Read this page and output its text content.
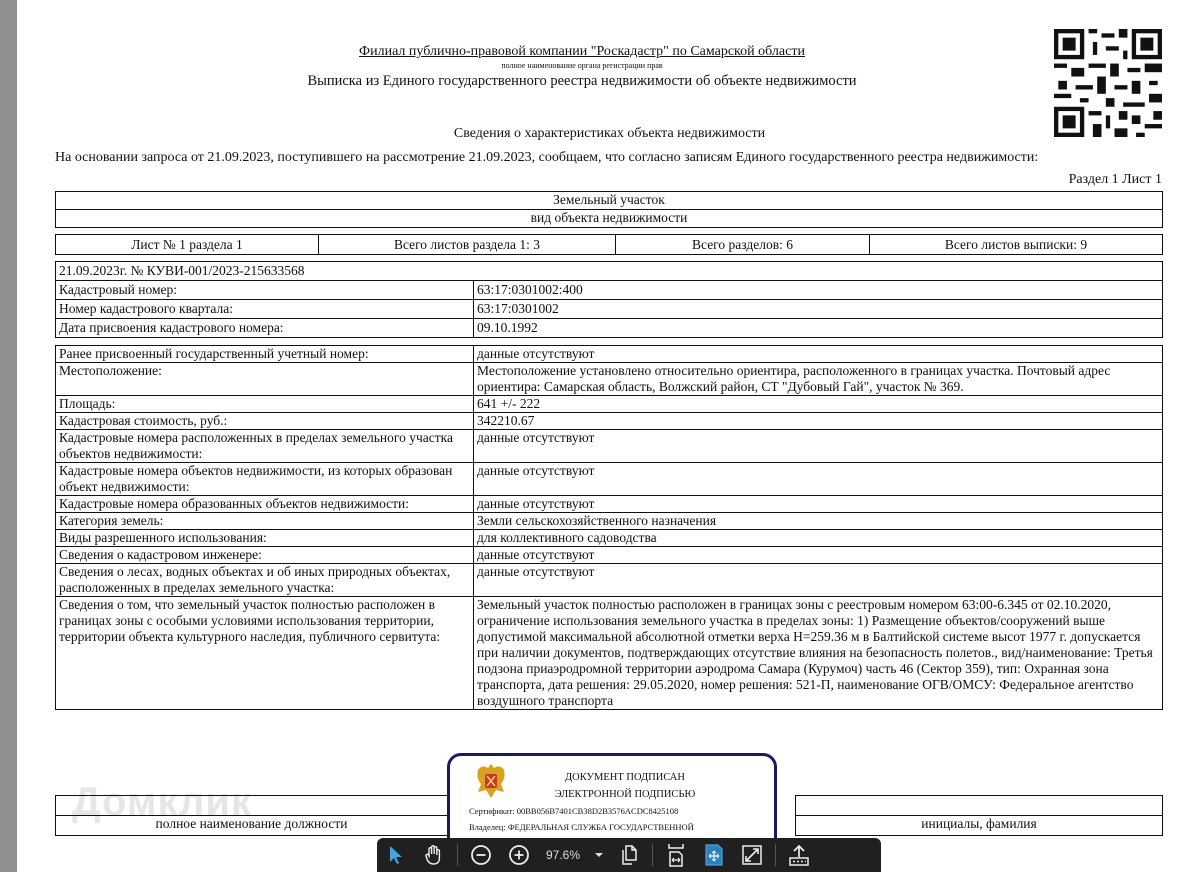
Филиал публично-правовой компании "Роскадастр" по Самарской области
полное наименование органа регистрации прав
Выписка из Единого государственного реестра недвижимости об объекте недвижимости
Сведения о характеристиках объекта недвижимости
На основании запроса от 21.09.2023, поступившего на рассмотрение 21.09.2023, сообщаем, что согласно записям Единого государственного реестра недвижимости:
Раздел 1 Лист 1
Земельный участок
вид объекта недвижимости
Лист № 1 раздела 1	Всего листов раздела 1: 3	Всего разделов: 6	Всего листов выписки: 9
21.09.2023г. № КУВИ-001/2023-215633568	
Кадастровый номер:	63:17:0301002:400
Номер кадастрового квартала:	63:17:0301002
Дата присвоения кадастрового номера:	09.10.1992
Ранее присвоенный государственный учетный номер:	данные отсутствуют
Местоположение:	Местоположение установлено относительно ориентира, расположенного в границах участка. Почтовый адрес ориентира: Самарская область, Волжский район, СТ "Дубовый Гай", участок № 369.
Площадь:	641 +/- 222
Кадастровая стоимость, руб.:	342210.67
Кадастровые номера расположенных в пределах земельного участка объектов недвижимости:	данные отсутствуют
Кадастровые номера объектов недвижимости, из которых образован объект недвижимости:	данные отсутствуют
Кадастровые номера образованных объектов недвижимости:	данные отсутствуют
Категория земель:	Земли сельскохозяйственного назначения
Виды разрешенного использования:	для коллективного садоводства
Сведения о кадастровом инженере:	данные отсутствуют
Сведения о лесах, водных объектах и об иных природных объектах, расположенных в пределах земельного участка:	данные отсутствуют
Сведения о том, что земельный участок полностью расположен в границах зоны с особыми условиями использования территории, территории объекта культурного наследия, публичного сервитута:	Земельный участок полностью расположен в границах зоны с реестровым номером 63:00-6.345 от 02.10.2020, ограничение использования земельного участка в пределах зоны: 1) Размещение объектов/сооружений выше допустимой максимальной абсолютной отметки верха H=259.36 м в Балтийской системе высот 1977 г. допускается при наличии документов, подтверждающих отсутствие влияния на безопасность полетов., вид/наименование: Третья подзона приаэродромной территории аэродрома Самара (Курумоч) часть 46 (Сектор 359), тип: Охранная зона транспорта, дата решения: 29.05.2020, номер решения: 521-П, наименование ОГВ/ОМСУ: Федеральное агентство воздушного транспорта
Домклик

полное наименование должности		инициалы, фамилия
ДОКУМЕНТ ПОДПИСАН
ЭЛЕКТРОННОЙ ПОДПИСЬЮ
Сертификат: 00BB056B7401CB38D2B3576ACDC8425108
Владелец: ФЕДЕРАЛЬНАЯ СЛУЖБА ГОСУДАРСТВЕННОЙ
97.6%
